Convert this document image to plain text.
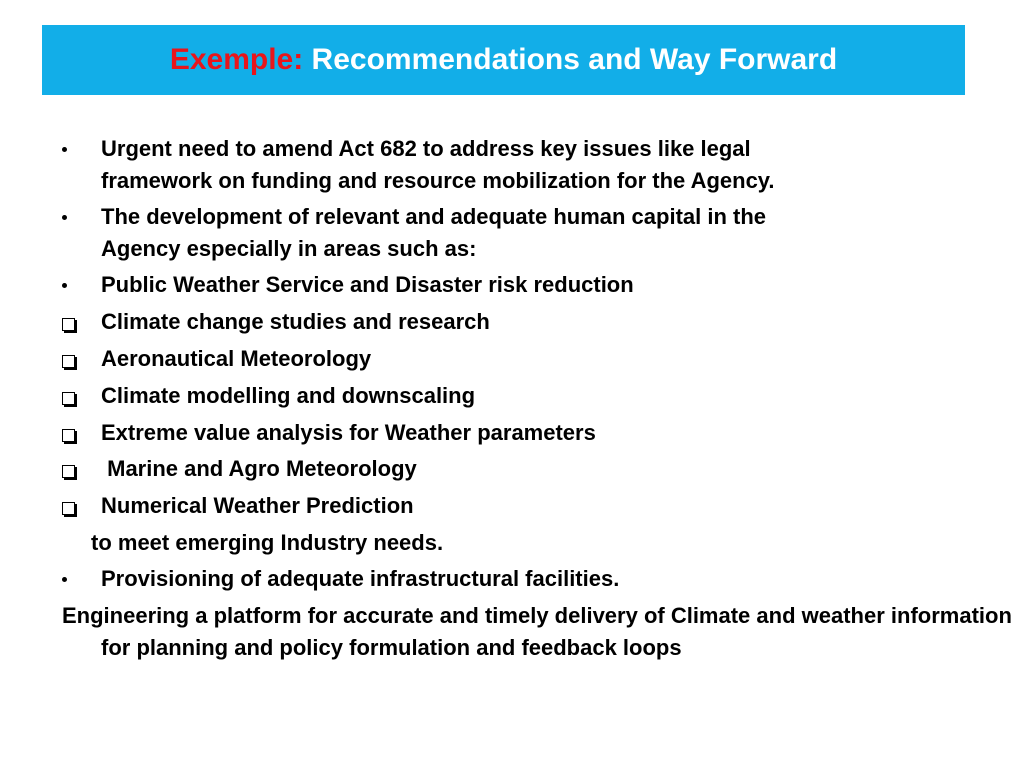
Exemple: Recommendations and Way Forward
Urgent need to amend Act 682 to address key issues like legal
framework on funding and resource mobilization for the Agency.
The development of relevant and adequate human capital in the
Agency especially in areas such as:
Public Weather Service and Disaster risk reduction
Climate change studies and research
Aeronautical Meteorology
Climate modelling and downscaling
Extreme value analysis for Weather parameters
Marine and Agro Meteorology
Numerical Weather Prediction
to meet emerging Industry needs.
Provisioning of adequate infrastructural facilities.
Engineering a platform for accurate and timely delivery of Climate and weather information for planning and policy formulation and feedback loops
